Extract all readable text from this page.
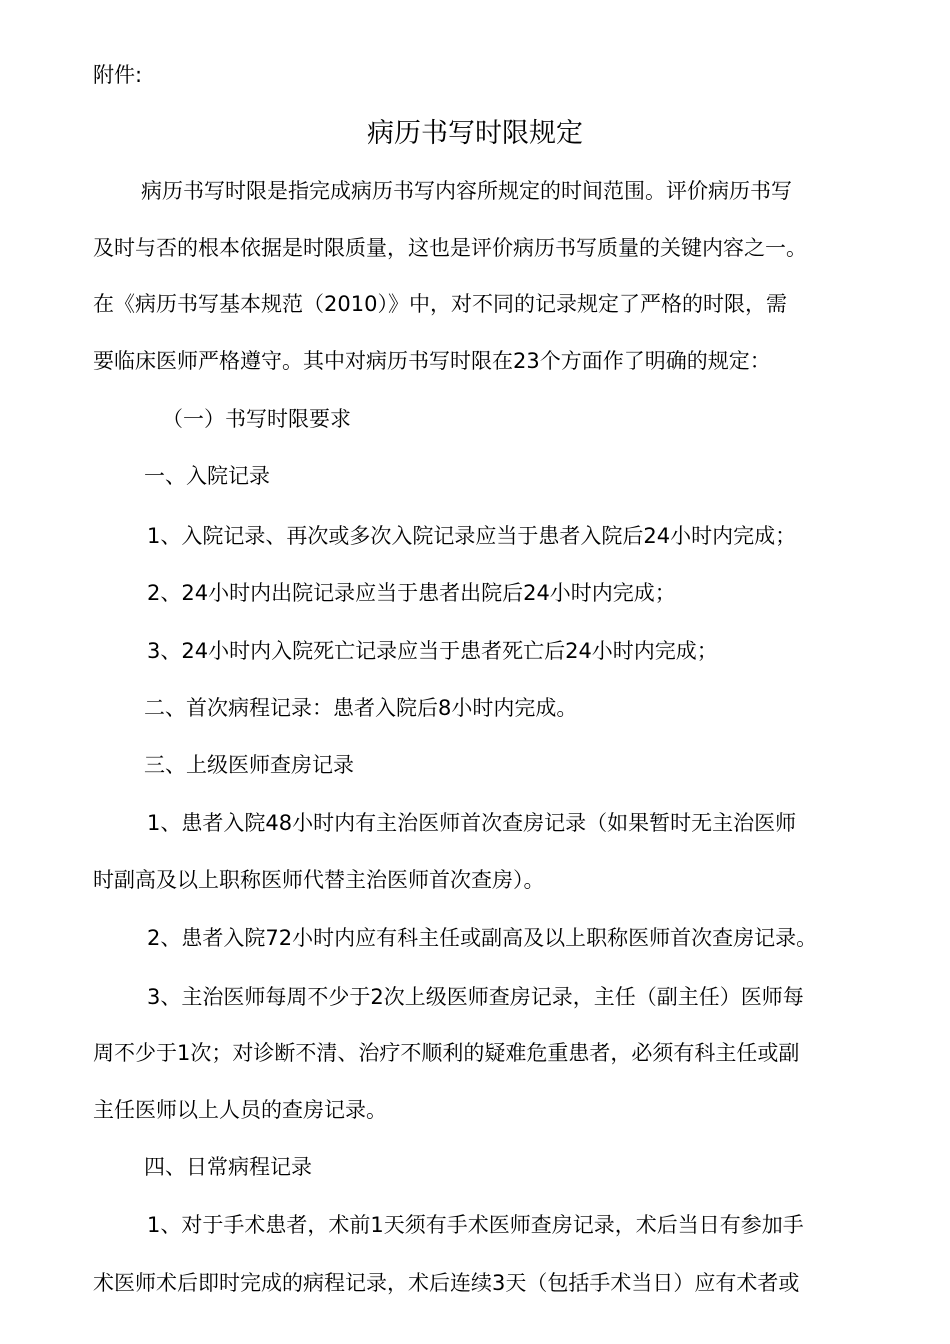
附件:
病历书写时限规定
病历书写时限是指完成病历书写内容所规定的时间范围。评价病历书写
及时与否的根本依据是时限质量，这也是评价病历书写质量的关键内容之一。
在《病历书写基本规范（2010）》中，对不同的记录规定了严格的时限，需
要临床医师严格遵守。其中对病历书写时限在23个方面作了明确的规定：
（一）书写时限要求
一、入院记录
1、入院记录、再次或多次入院记录应当于患者入院后24小时内完成；
2、24小时内出院记录应当于患者出院后24小时内完成；
3、24小时内入院死亡记录应当于患者死亡后24小时内完成；
二、首次病程记录：患者入院后8小时内完成。
三、上级医师查房记录
1、患者入院48小时内有主治医师首次查房记录（如果暂时无主治医师
时副高及以上职称医师代替主治医师首次查房）。
2、患者入院72小时内应有科主任或副高及以上职称医师首次查房记录。
3、主治医师每周不少于2次上级医师查房记录，主任（副主任）医师每
周不少于1次；对诊断不清、治疗不顺利的疑难危重患者，必须有科主任或副
主任医师以上人员的查房记录。
四、日常病程记录
1、对于手术患者，术前1天须有手术医师查房记录，术后当日有参加手
术医师术后即时完成的病程记录，术后连续3天（包括手术当日）应有术者或
